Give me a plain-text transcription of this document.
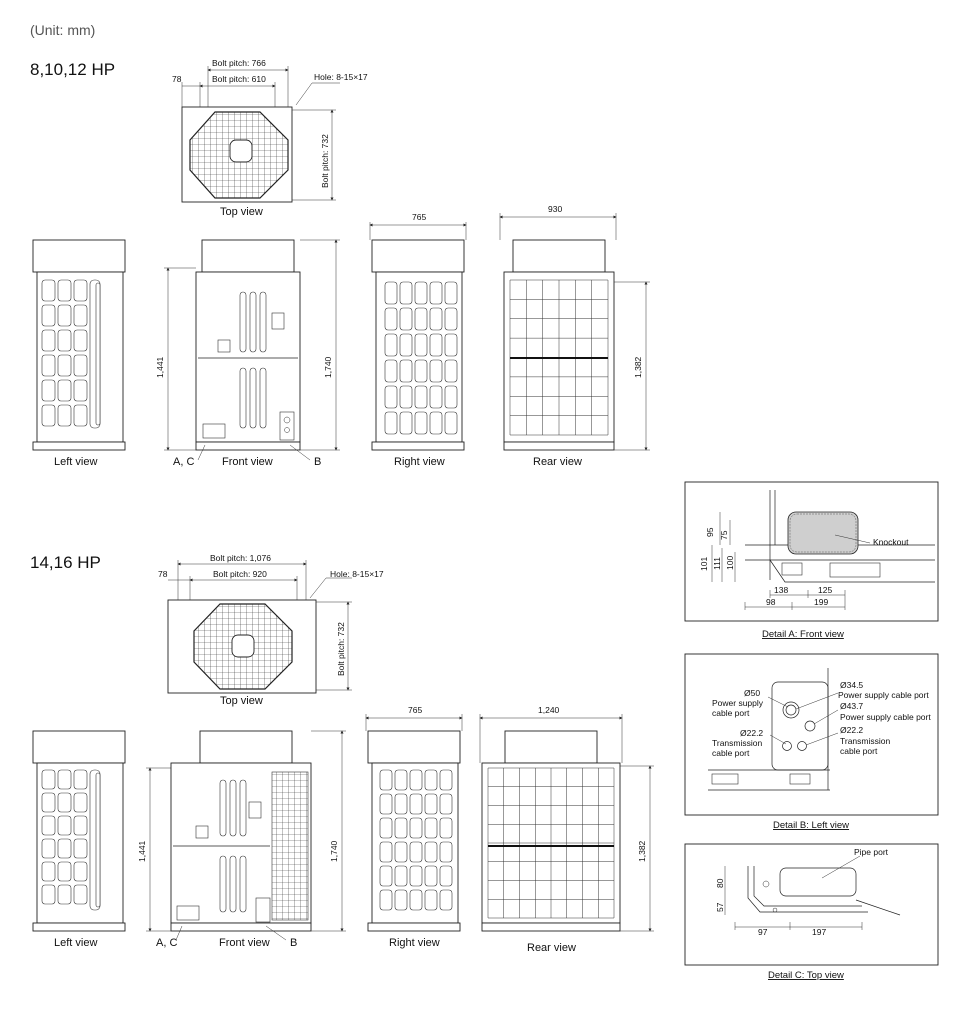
(Unit: mm)
8,10,12 HP
14,16 HP
Bolt pitch: 766
Bolt pitch: 610
78	Hole: 8-15×17
Bolt pitch: 732
Top view
Left view
1,441	1,740
A, C	Front view	B
765
Right view
930
1,382
Rear view
Bolt pitch: 1,076
Bolt pitch: 920
78	Hole: 8-15×17
Bolt pitch: 732
Top view
Left view
1,441	1,740
A, C	Front view B
765
Right view
1,240
1,382
Rear view
Knockout
95 75
101 111 100
138	125
98	199
Detail A: Front view
Ø50
Power supply
cable port
Ø34.5
Power supply cable port
Ø43.7
Power supply cable port
Ø22.2
Transmission
cable port
Ø22.2
Transmission
cable port
Detail B: Left view
Pipe port
80
57
97	197
Detail C: Top view
